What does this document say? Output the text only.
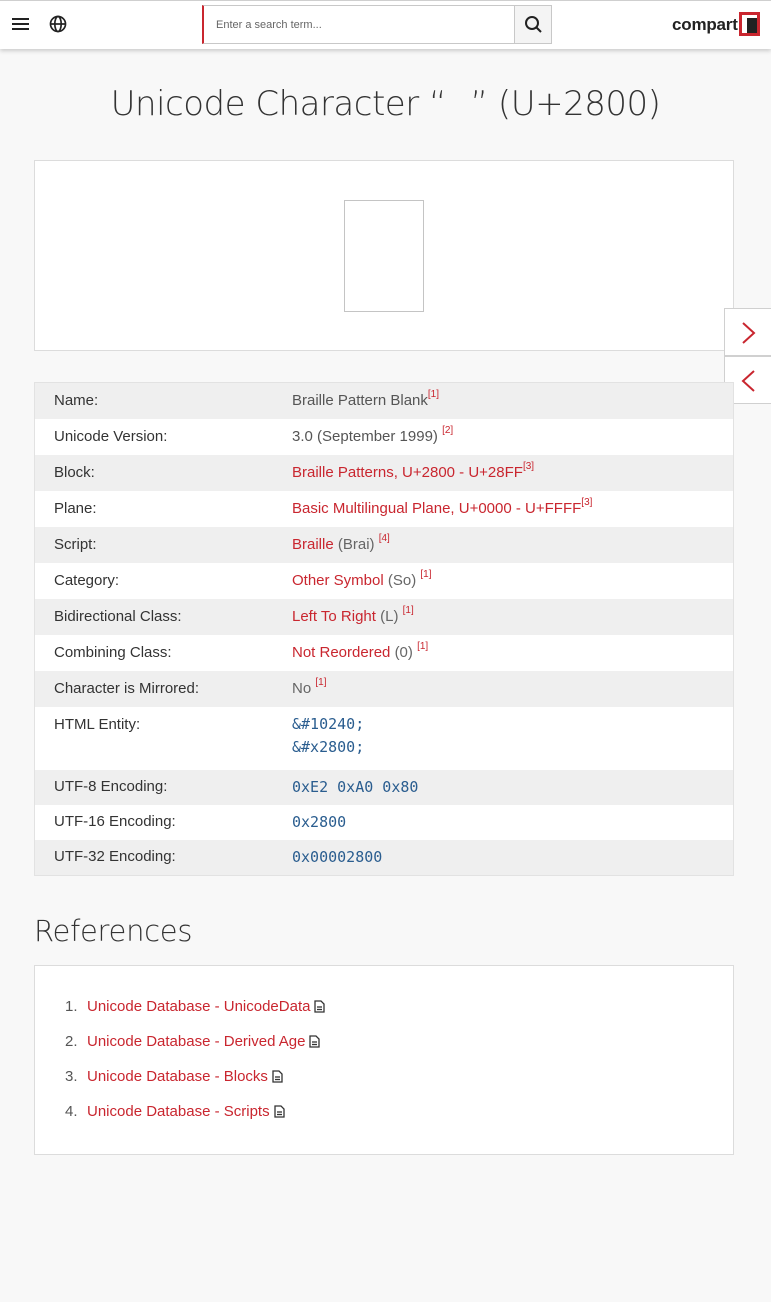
Enter a search term...
compart
Unicode Character “⠀” (U+2800)
Name:	Braille Pattern Blank[1]
Unicode Version:	3.0 (September 1999) [2]
Block:	Braille Patterns, U+2800 - U+28FF[3]
Plane:	Basic Multilingual Plane, U+0000 - U+FFFF[3]
Script:	Braille (Brai) [4]
Category:	Other Symbol (So) [1]
Bidirectional Class:	Left To Right (L) [1]
Combining Class:	Not Reordered (0) [1]
Character is Mirrored:	No [1]
HTML Entity:	&#10240;
&#x2800;
UTF-8 Encoding:	0xE2 0xA0 0x80
UTF-16 Encoding:	0x2800
UTF-32 Encoding:	0x00002800
References
1. Unicode Database - UnicodeData
2. Unicode Database - Derived Age
3. Unicode Database - Blocks
4. Unicode Database - Scripts
